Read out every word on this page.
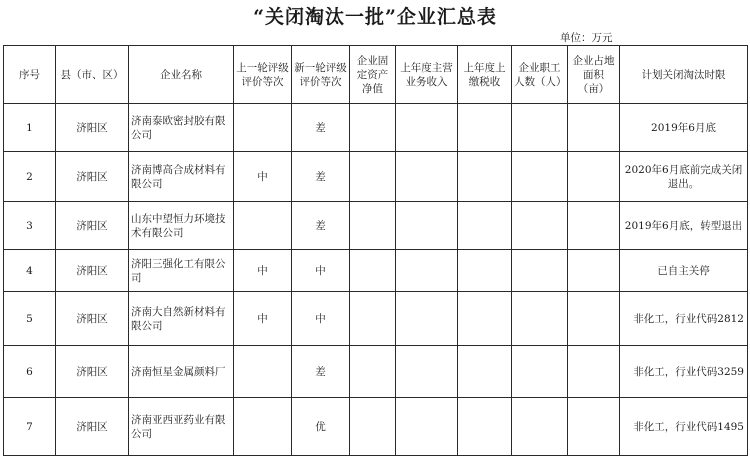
“关闭淘汰一批”企业汇总表
单位：万元
序号	县（市、区）	企业名称	上一轮评级评价等次	新一轮评级评价等次	企业固定资产净值	上年度主营业务收入	上年度上缴税收	企业职工人数（人）	企业占地面积（亩）	计划关闭淘汰时限
1	济阳区	济南泰欧密封胶有限公司		差						2019年6月底
2	济阳区	济南博高合成材料有限公司	中	差						2020年6月底前完成关闭退出。
3	济阳区	山东中望恒力环境技术有限公司		差						2019年6月底，转型退出
4	济阳区	济阳三强化工有限公司	中	中						已自主关停
5	济阳区	济南大自然新材料有限公司	中	中						非化工，行业代码2812
6	济阳区	济南恒星金属颜料厂		差						非化工，行业代码3259
7	济阳区	济南亚西亚药业有限公司		优						非化工，行业代码1495
